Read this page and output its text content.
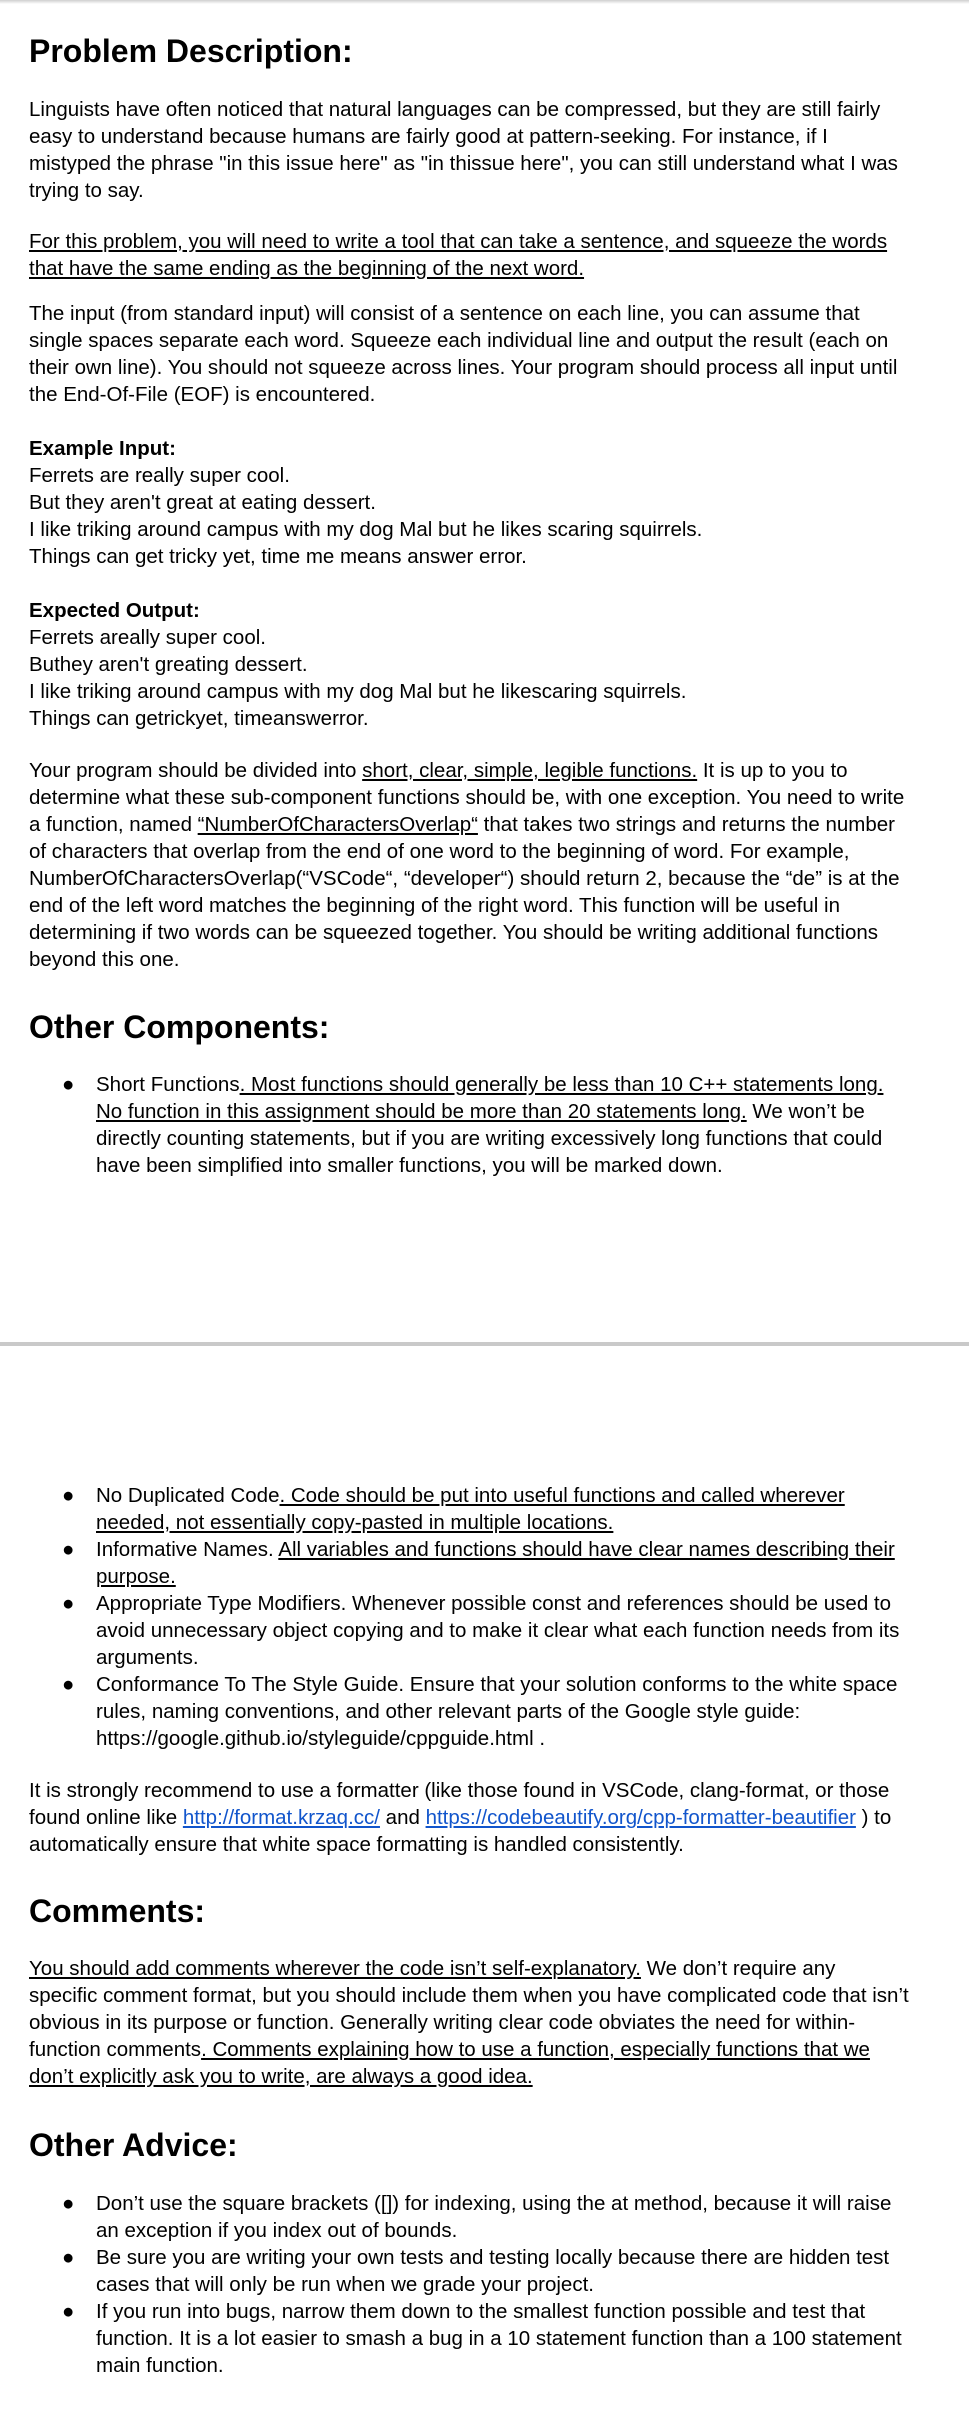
Problem Description:

Linguists have often noticed that natural languages can be compressed, but they are still fairly easy to understand because humans are fairly good at pattern-seeking. For instance, if I mistyped the phrase "in this issue here" as "in thissue here", you can still understand what I was trying to say.

For this problem, you will need to write a tool that can take a sentence, and squeeze the words that have the same ending as the beginning of the next word.

The input (from standard input) will consist of a sentence on each line, you can assume that single spaces separate each word. Squeeze each individual line and output the result (each on their own line). You should not squeeze across lines. Your program should process all input until the End-Of-File (EOF) is encountered.

Example Input:
Ferrets are really super cool.
But they aren't great at eating dessert.
I like triking around campus with my dog Mal but he likes scaring squirrels.
Things can get tricky yet, time me means answer error.
Expected Output:
Ferrets areally super cool.
Buthey aren't greating dessert.
I like triking around campus with my dog Mal but he likescaring squirrels.
Things can getrickyet, timeanswerror.

Your program should be divided into short, clear, simple, legible functions. It is up to you to determine what these sub-component functions should be, with one exception. You need to write a function, named “NumberOfCharactersOverlap“ that takes two strings and returns the number of characters that overlap from the end of one word to the beginning of word. For example, NumberOfCharactersOverlap(“VSCode“, “developer“) should return 2, because the “de” is at the end of the left word matches the beginning of the right word. This function will be useful in determining if two words can be squeezed together. You should be writing additional functions beyond this one.

Other Components:
● Short Functions. Most functions should generally be less than 10 C++ statements long. No function in this assignment should be more than 20 statements long. We won’t be directly counting statements, but if you are writing excessively long functions that could have been simplified into smaller functions, you will be marked down.
● No Duplicated Code. Code should be put into useful functions and called wherever needed, not essentially copy-pasted in multiple locations.
● Informative Names. All variables and functions should have clear names describing their purpose.
● Appropriate Type Modifiers. Whenever possible const and references should be used to avoid unnecessary object copying and to make it clear what each function needs from its arguments.
● Conformance To The Style Guide. Ensure that your solution conforms to the white space rules, naming conventions, and other relevant parts of the Google style guide: https://google.github.io/styleguide/cppguide.html .

It is strongly recommend to use a formatter (like those found in VSCode, clang-format, or those found online like http://format.krzaq.cc/ and https://codebeautify.org/cpp-formatter-beautifier ) to automatically ensure that white space formatting is handled consistently.

Comments:

You should add comments wherever the code isn’t self-explanatory. We don’t require any specific comment format, but you should include them when you have complicated code that isn’t obvious in its purpose or function. Generally writing clear code obviates the need for within-function comments. Comments explaining how to use a function, especially functions that we don’t explicitly ask you to write, are always a good idea.

Other Advice:
● Don’t use the square brackets ([]) for indexing, using the at method, because it will raise an exception if you index out of bounds.
● Be sure you are writing your own tests and testing locally because there are hidden test cases that will only be run when we grade your project.
● If you run into bugs, narrow them down to the smallest function possible and test that function. It is a lot easier to smash a bug in a 10 statement function than a 100 statement main function.
